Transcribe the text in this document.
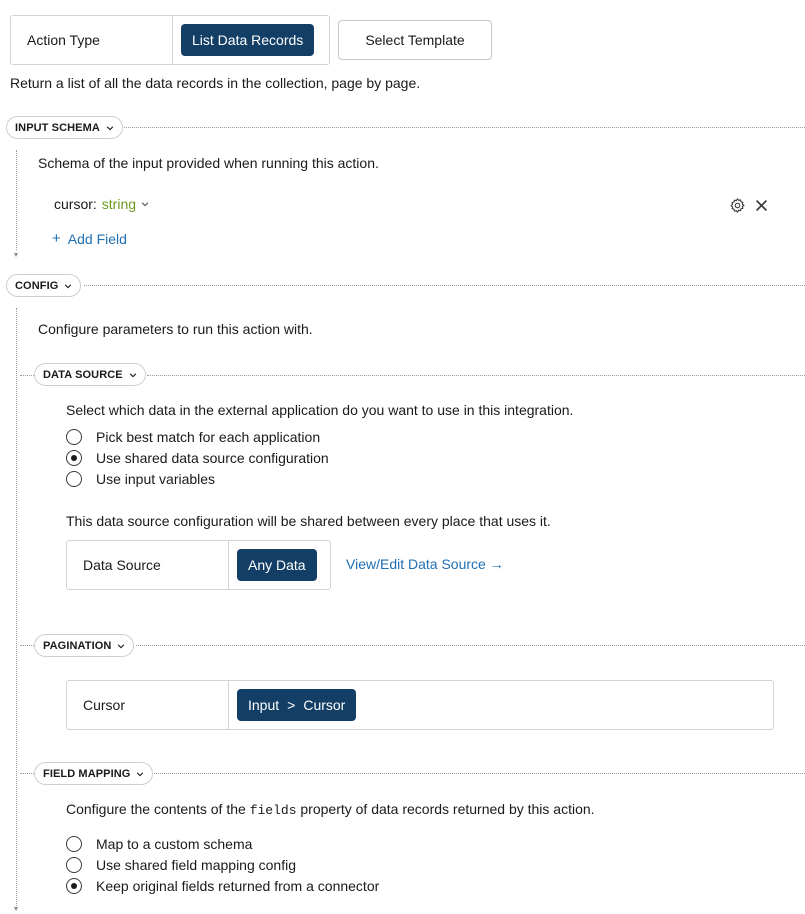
Action Type	List Data Records	Select Template
Return a list of all the data records in the collection, page by page.
INPUT SCHEMA
Schema of the input provided when running this action.
cursor: string
+ Add Field
CONFIG
Configure parameters to run this action with.
DATA SOURCE
Select which data in the external application do you want to use in this integration.
Pick best match for each application
Use shared data source configuration
Use input variables
This data source configuration will be shared between every place that uses it.
Data Source	Any Data	View/Edit Data Source →
PAGINATION
Cursor	Input > Cursor
FIELD MAPPING
Configure the contents of the fields property of data records returned by this action.
Map to a custom schema
Use shared field mapping config
Keep original fields returned from a connector
